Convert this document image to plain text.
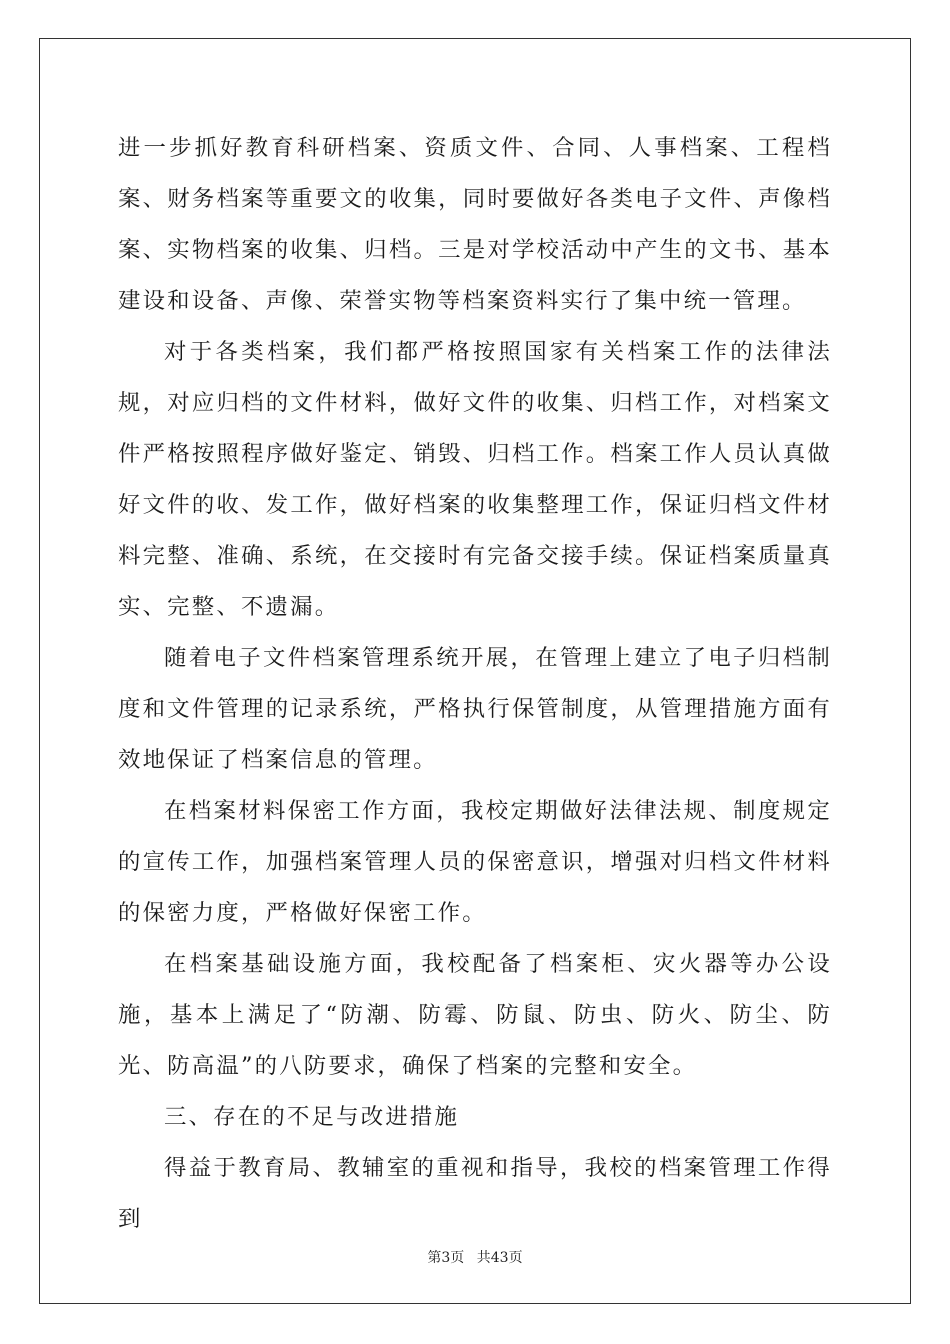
进一步抓好教育科研档案、资质文件、合同、人事档案、工程档案、财务档案等重要文的收集，同时要做好各类电子文件、声像档案、实物档案的收集、归档。三是对学校活动中产生的文书、基本建设和设备、声像、荣誉实物等档案资料实行了集中统一管理。

对于各类档案，我们都严格按照国家有关档案工作的法律法规，对应归档的文件材料，做好文件的收集、归档工作，对档案文件严格按照程序做好鉴定、销毁、归档工作。档案工作人员认真做好文件的收、发工作，做好档案的收集整理工作，保证归档文件材料完整、准确、系统，在交接时有完备交接手续。保证档案质量真实、完整、不遗漏。

随着电子文件档案管理系统开展，在管理上建立了电子归档制度和文件管理的记录系统，严格执行保管制度，从管理措施方面有效地保证了档案信息的管理。

在档案材料保密工作方面，我校定期做好法律法规、制度规定的宣传工作，加强档案管理人员的保密意识，增强对归档文件材料的保密力度，严格做好保密工作。

在档案基础设施方面，我校配备了档案柜、灾火器等办公设施，基本上满足了“防潮、防霉、防鼠、防虫、防火、防尘、防光、防高温”的八防要求，确保了档案的完整和安全。

三、存在的不足与改进措施

得益于教育局、教辅室的重视和指导，我校的档案管理工作得到

第3页 共43页
